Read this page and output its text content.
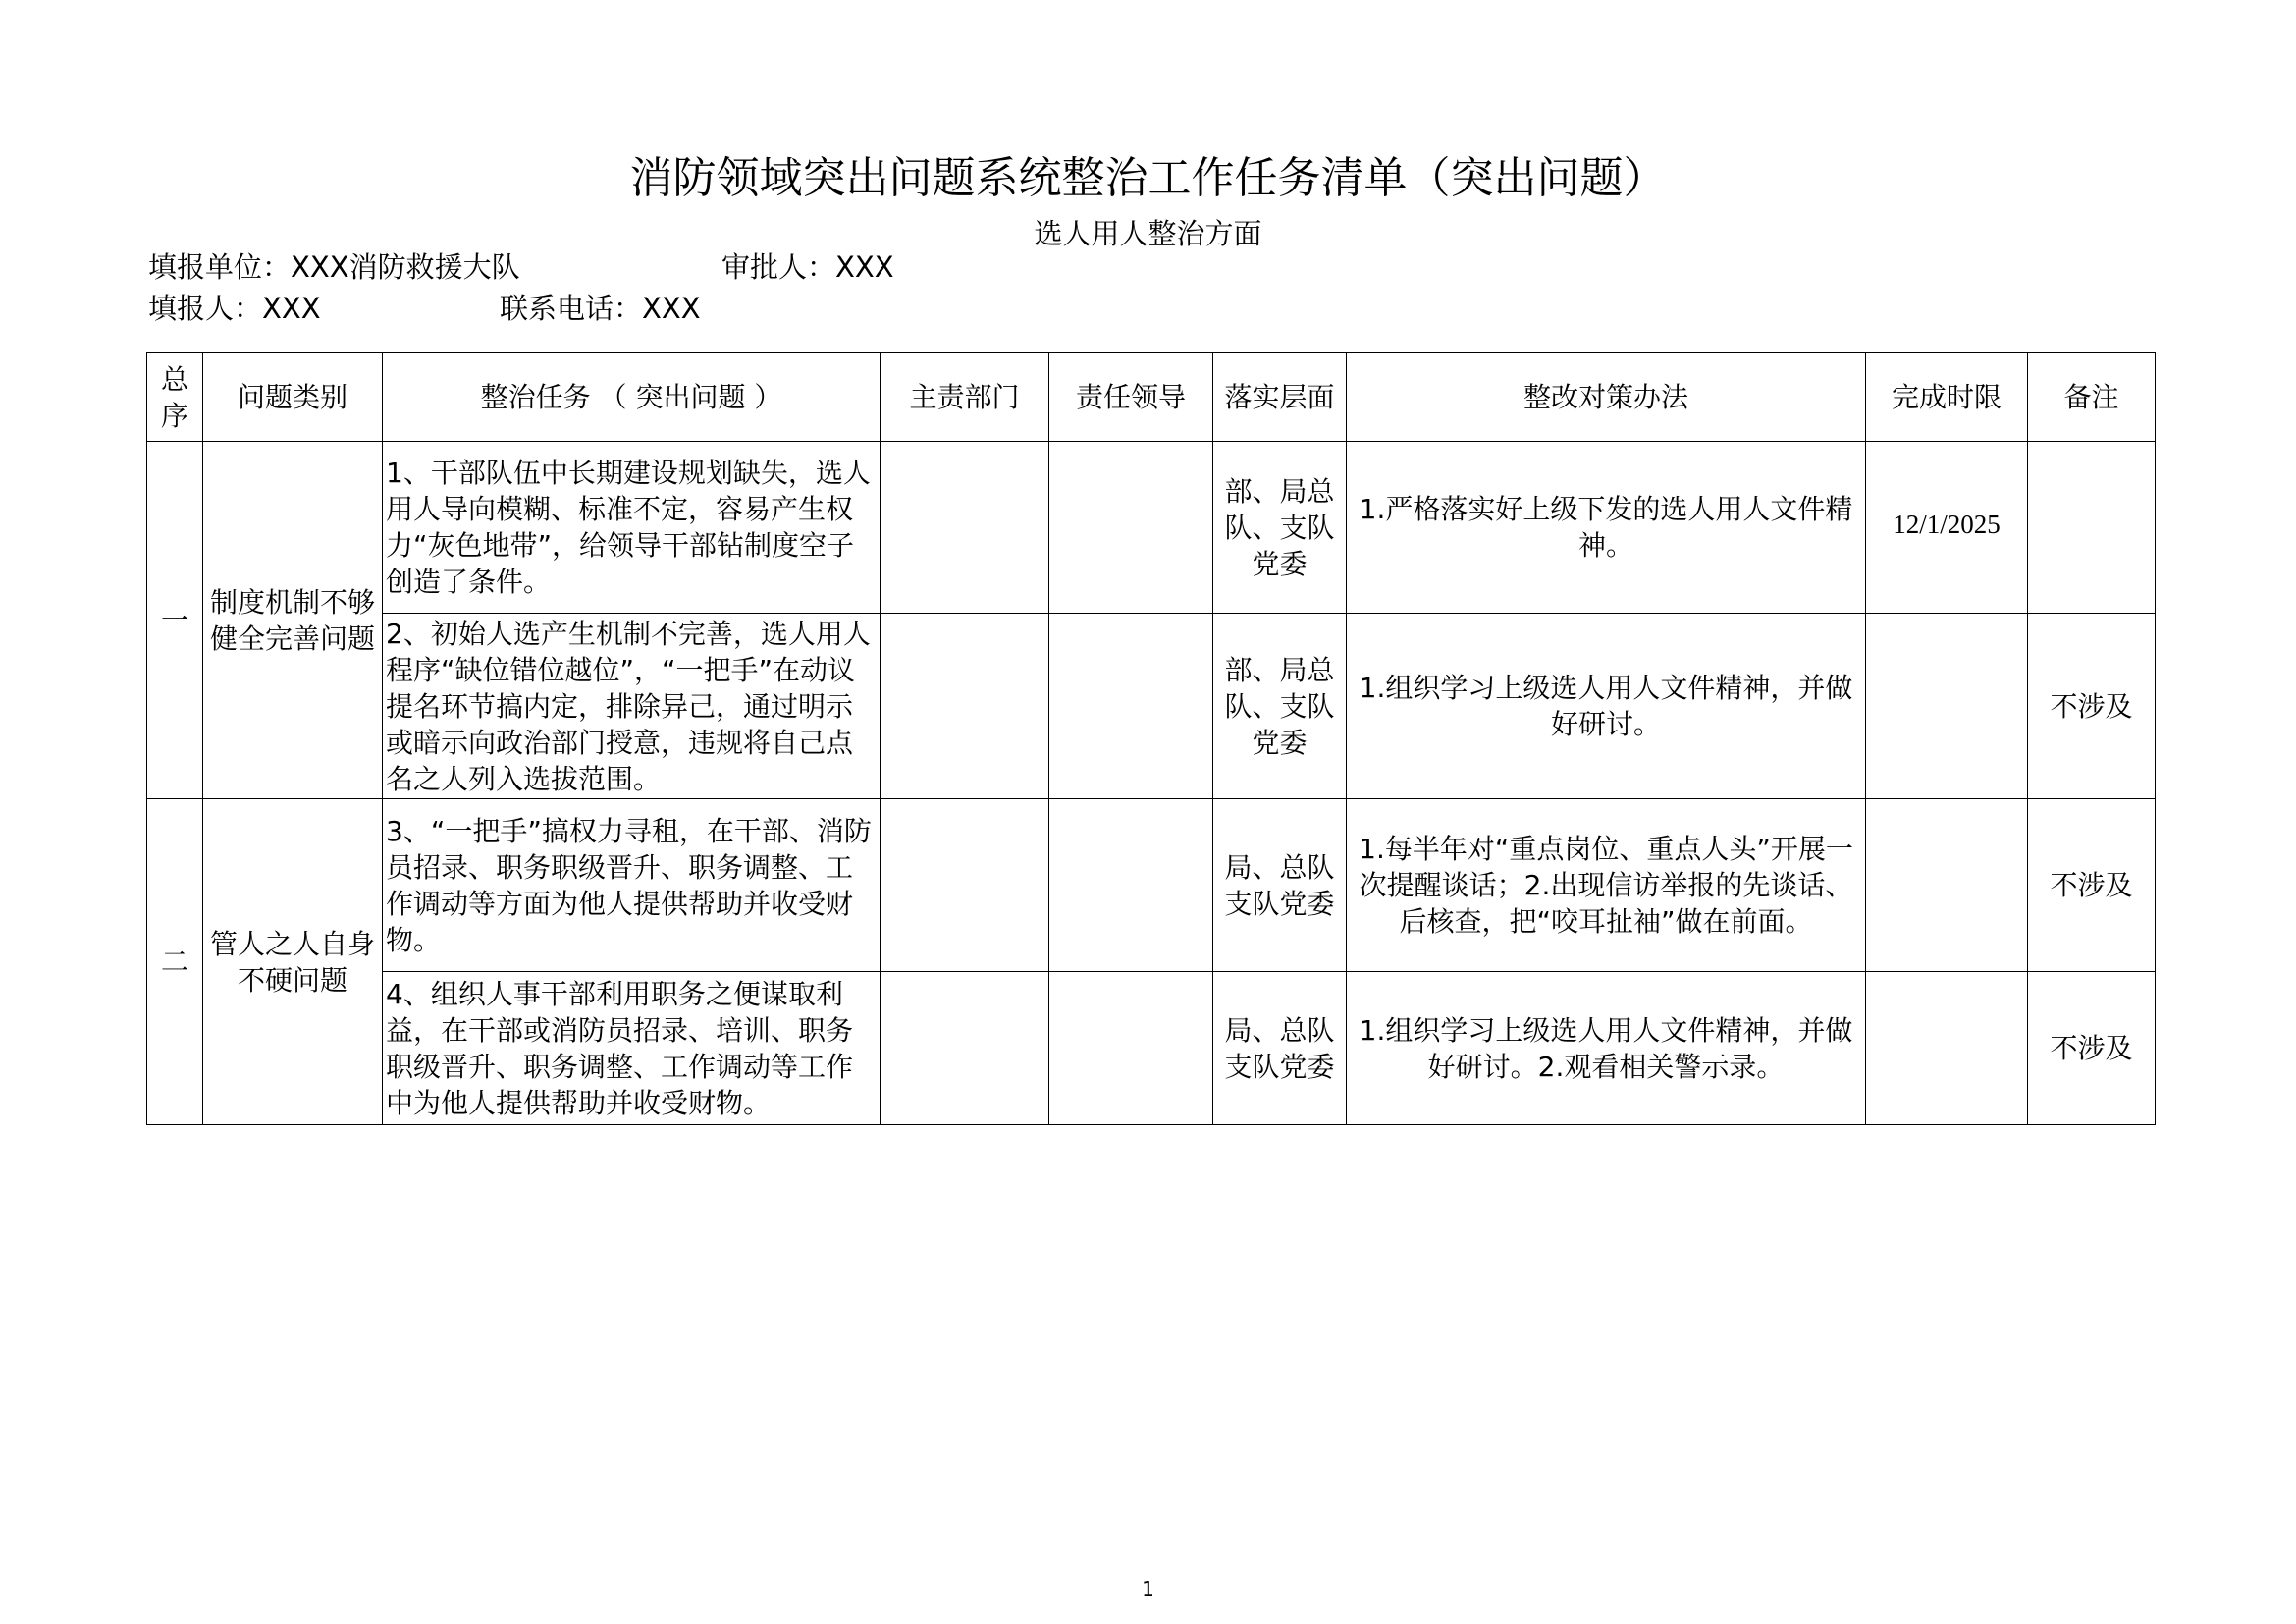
消防领域突出问题系统整治工作任务清单（突出问题）
选人用人整治方面
填报单位：XXX消防救援大队	审批人：XXX
填报人：XXX	联系电话：XXX
总序	问题类别	整治任务 （ 突出问题 ）	主责部门	责任领导	落实层面	整改对策办法	完成时限	备注
一	制度机制不够健全完善问题	1、干部队伍中长期建设规划缺失，选人用人导向模糊、标准不定，容易产生权力“灰色地带”，给领导干部钻制度空子创造了条件。			部、局总队、支队党委	1.严格落实好上级下发的选人用人文件精神。	12/1/2025	
		2、初始人选产生机制不完善，选人用人程序“缺位错位越位”，“一把手”在动议提名环节搞内定，排除异己，通过明示或暗示向政治部门授意，违规将自己点名之人列入选拔范围。			部、局总队、支队党委	1.组织学习上级选人用人文件精神，并做好研讨。		不涉及
二	管人之人自身不硬问题	3、“一把手”搞权力寻租，在干部、消防员招录、职务职级晋升、职务调整、工作调动等方面为他人提供帮助并收受财物。			局、总队支队党委	1.每半年对“重点岗位、重点人头”开展一次提醒谈话；2.出现信访举报的先谈话、后核查，把“咬耳扯袖”做在前面。		不涉及
		4、组织人事干部利用职务之便谋取利益，在干部或消防员招录、培训、职务职级晋升、职务调整、工作调动等工作中为他人提供帮助并收受财物。			局、总队支队党委	1.组织学习上级选人用人文件精神，并做好研讨。2.观看相关警示录。		不涉及
1
